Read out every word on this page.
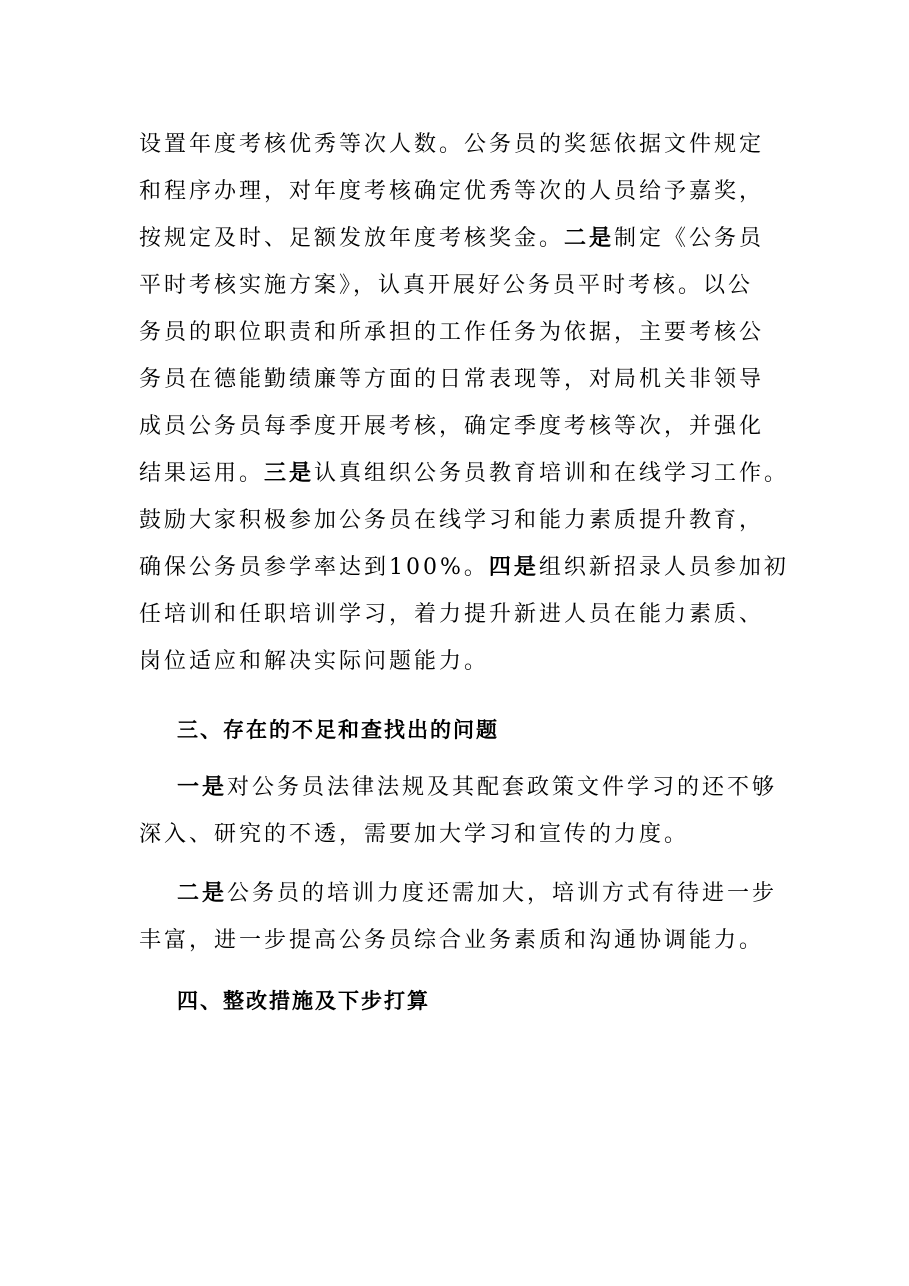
设置年度考核优秀等次人数。公务员的奖惩依据文件规定
和程序办理，对年度考核确定优秀等次的人员给予嘉奖，
按规定及时、足额发放年度考核奖金。二是制定《公务员
平时考核实施方案》，认真开展好公务员平时考核。以公
务员的职位职责和所承担的工作任务为依据，主要考核公
务员在德能勤绩廉等方面的日常表现等，对局机关非领导
成员公务员每季度开展考核，确定季度考核等次，并强化
结果运用。三是认真组织公务员教育培训和在线学习工作。
鼓励大家积极参加公务员在线学习和能力素质提升教育，
确保公务员参学率达到100%。四是组织新招录人员参加初
任培训和任职培训学习，着力提升新进人员在能力素质、
岗位适应和解决实际问题能力。
三、存在的不足和查找出的问题
一是对公务员法律法规及其配套政策文件学习的还不够
深入、研究的不透，需要加大学习和宣传的力度。
二是公务员的培训力度还需加大，培训方式有待进一步
丰富，进一步提高公务员综合业务素质和沟通协调能力。
四、整改措施及下步打算
